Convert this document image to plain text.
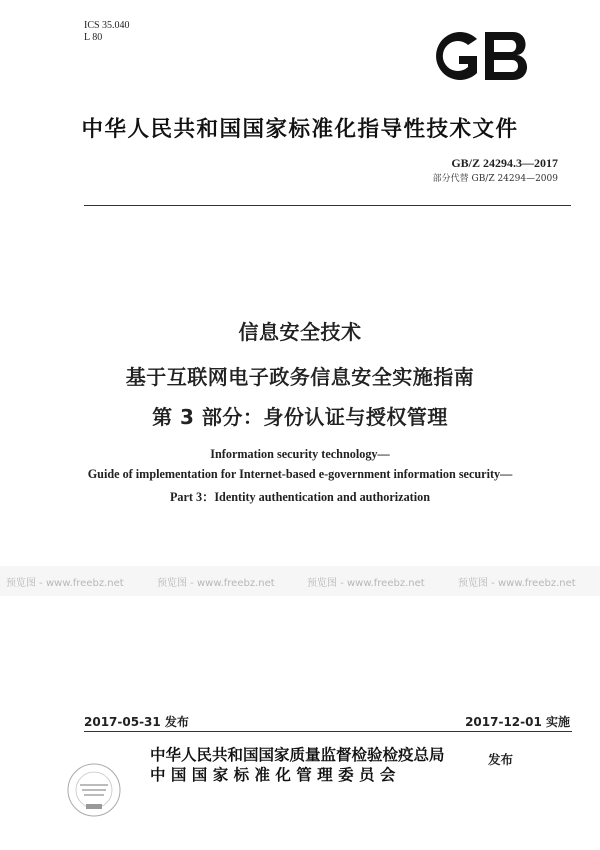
ICS 35.040
L 80
中华人民共和国国家标准化指导性技术文件
GB/Z 24294.3—2017
部分代替 GB/Z 24294—2009
信息安全技术
基于互联网电子政务信息安全实施指南
第 3 部分：身份认证与授权管理
Information security technology—
Guide of implementation for Internet-based e-government information security—
Part 3：Identity authentication and authorization
预览图 - www.freebz.net	预览图 - www.freebz.net	预览图 - www.freebz.net	预览图 - www.freebz.net
2017-05-31 发布	2017-12-01 实施
中华人民共和国国家质量监督检验检疫总局
中 国 国 家 标 准 化 管 理 委 员 会
发布
